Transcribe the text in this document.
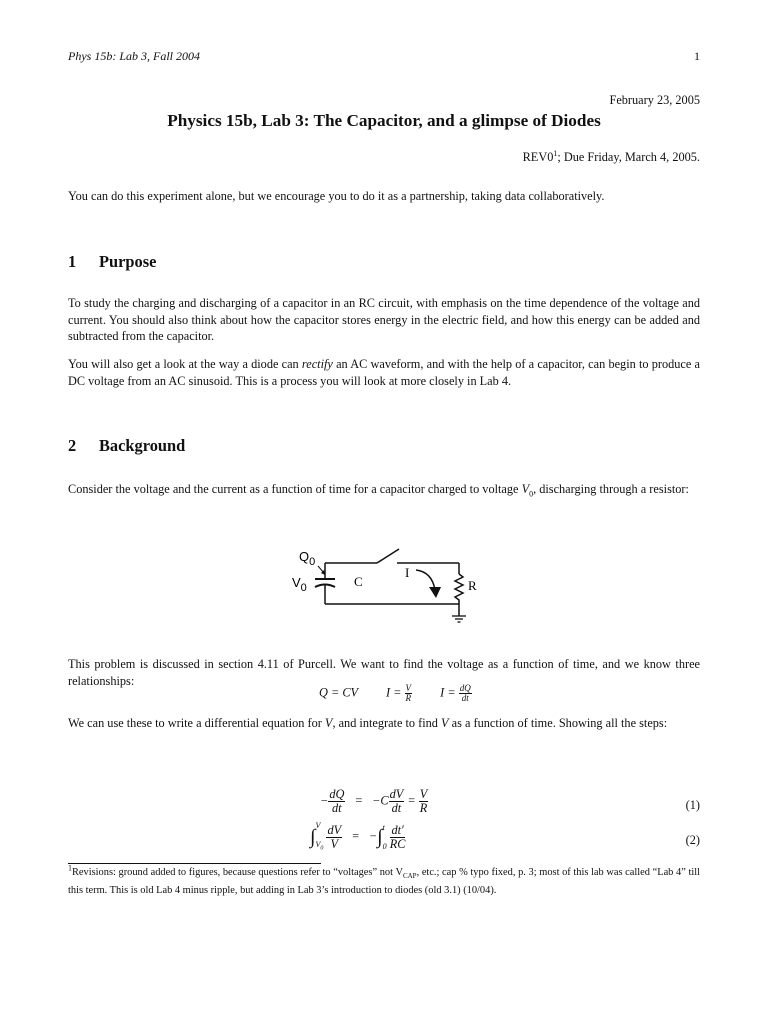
Phys 15b: Lab 3, Fall 2004	1
February 23, 2005
Physics 15b, Lab 3: The Capacitor, and a glimpse of Diodes
$REV0^1$; Due Friday, March 4, 2005.
You can do this experiment alone, but we encourage you to do it as a partnership, taking data collaboratively.
1 Purpose
To study the charging and discharging of a capacitor in an RC circuit, with emphasis on the time dependence of the voltage and current. You should also think about how the capacitor stores energy in the electric field, and how this energy can be added and subtracted from the capacitor.
You will also get a look at the way a diode can rectify an AC waveform, and with the help of a capacitor, can begin to produce a DC voltage from an AC sinusoid. This is a process you will look at more closely in Lab 4.
2 Background
Consider the voltage and the current as a function of time for a capacitor charged to voltage $V_0$, discharging through a resistor:
$Q_0$
$V_0$	C
I
R
This problem is discussed in section 4.11 of Purcell. We want to find the voltage as a function of time, and we know three relationships:
Q = CV  $I = \frac{V}{R}$ $I = \frac{dQ}{dt}$
We can use these to write a differential equation for V, and integrate to find V as a function of time. Showing all the steps:
− $\frac{dQ}{dt} = -C \frac{dV}{dt} = \frac{V}{R}$	(1)
∫
V
$V_0$
$\frac{dV}{V}$ =   −∫ t
0
$\frac{dt'}{RC}$	(2)
$^1$Revisions: ground added to figures, because questions refer to “voltages” not $V_{CAP}$, etc.; cap % typo fixed, p. 3; most of this lab was called “Lab 4” till this term. This is old Lab 4 minus ripple, but adding in Lab 3’s introduction to diodes (old 3.1) (10/04).
